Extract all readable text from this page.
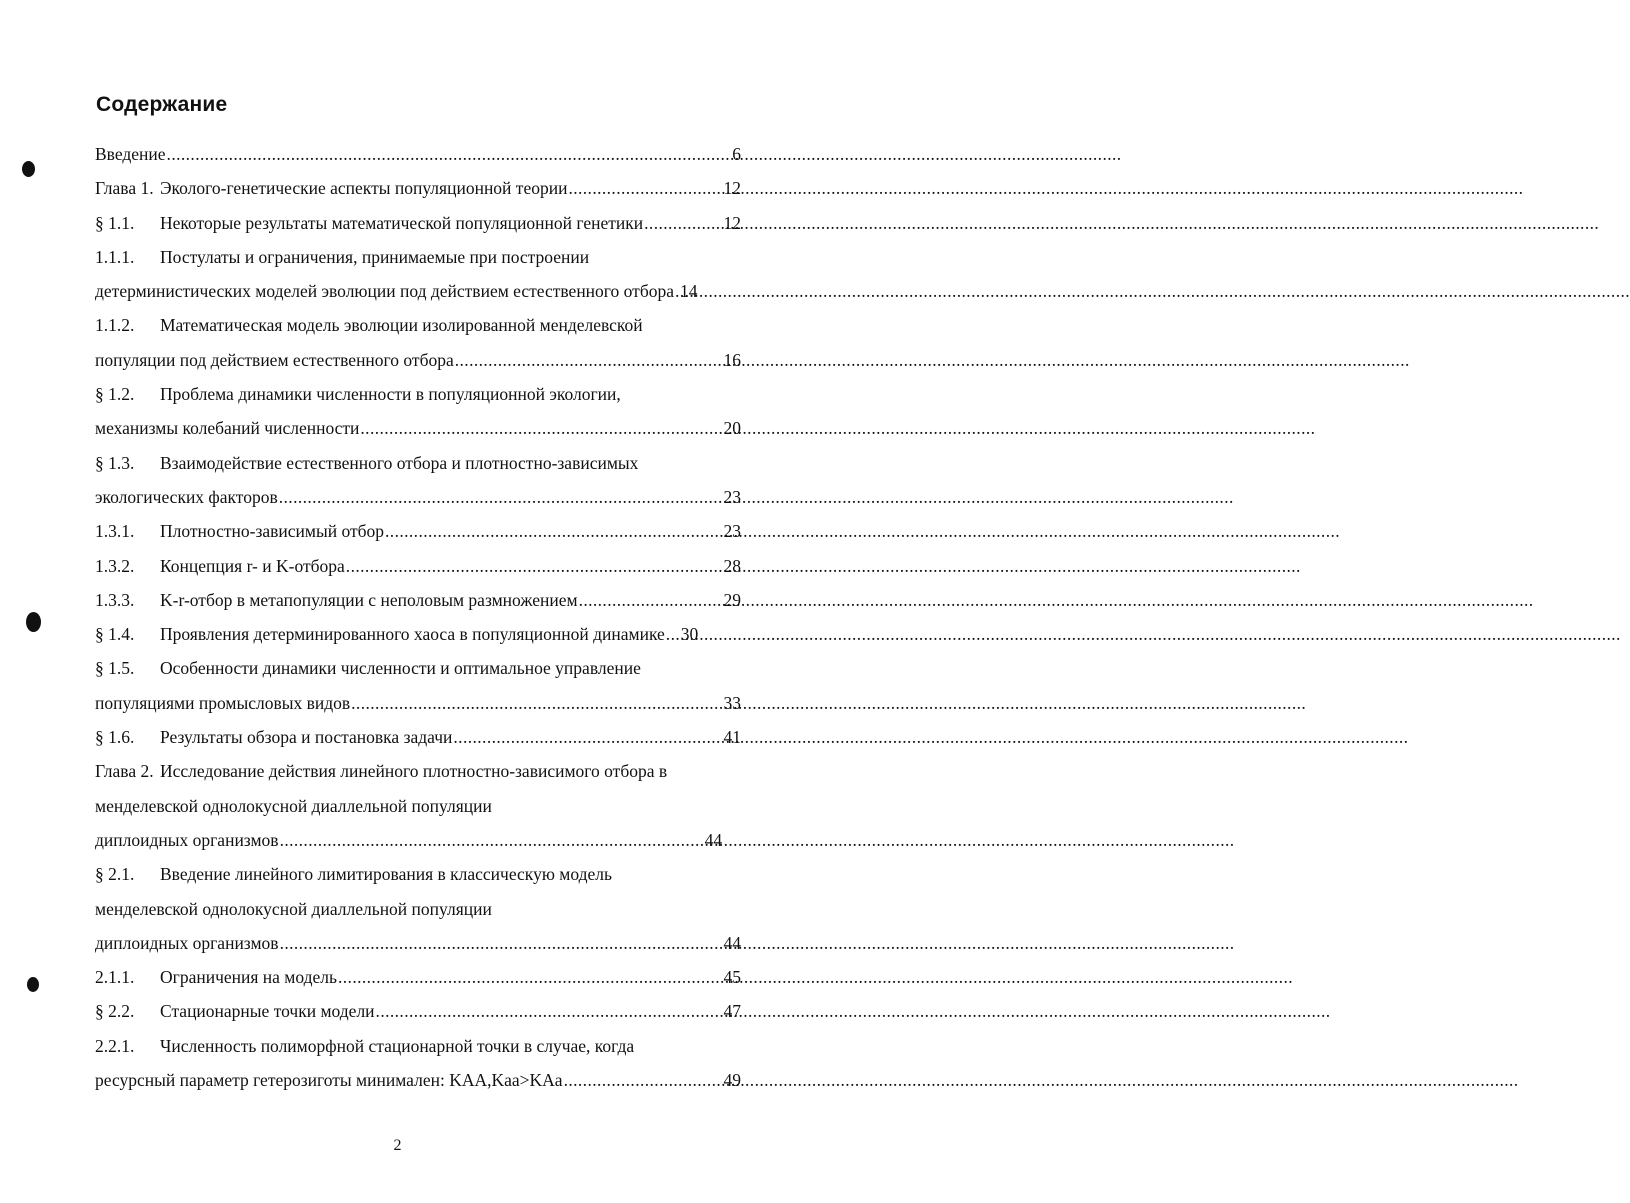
Содержание
Введение .....	6
Глава 1. Эколого-генетические аспекты популяционной теории .....	12
§ 1.1.	Некоторые результаты математической популяционной генетики .....	12
1.1.1.	Постулаты и ограничения, принимаемые при построении
детерминистических моделей эволюции под действием естественного отбора ..... 14
1.1.2.	Математическая модель эволюции изолированной менделевской
популяции под действием естественного отбора .....	16
§ 1.2.	Проблема динамики численности в популяционной экологии,
механизмы колебаний численности .....	20
§ 1.3.	Взаимодействие естественного отбора и плотностно-зависимых
экологических факторов .....	23
1.3.1.	Плотностно-зависимый отбор .....	23
1.3.2.	Концепция r- и K-отбора .....	28
1.3.3.	K-r-отбор в метапопуляции с неполовым размножением .....	29
§ 1.4.	Проявления детерминированного хаоса в популяционной динамике ..... 30
§ 1.5.	Особенности динамики численности и оптимальное управление
популяциями промысловых видов .....	33
§ 1.6.	Результаты обзора и постановка задачи .....	41
Глава 2. Исследование действия линейного плотностно-зависимого отбора в
менделевской однолокусной диаллельной популяции
диплоидных организмов .....	44
§ 2.1.	Введение линейного лимитирования в классическую модель
менделевской однолокусной диаллельной популяции
диплоидных организмов .....	44
2.1.1.	Ограничения на модель .....	45
§ 2.2.	Стационарные точки модели .....	47
2.2.1.	Численность полиморфной стационарной точки в случае, когда
ресурсный параметр гетерозиготы минимален: KAA,Kaa>KAa .....	49
2
